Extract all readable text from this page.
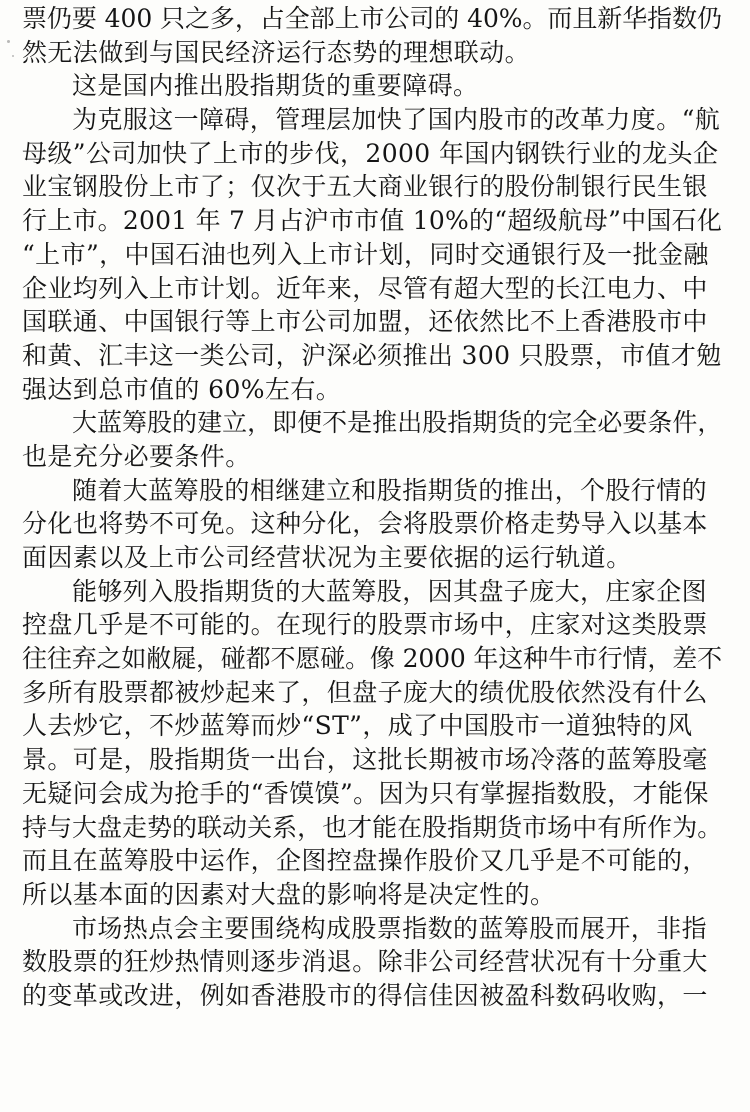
票仍要 400 只之多，占全部上市公司的 40%。而且新华指数仍
然无法做到与国民经济运行态势的理想联动。
这是国内推出股指期货的重要障碍。
为克服这一障碍，管理层加快了国内股市的改革力度。“航
母级”公司加快了上市的步伐，2000 年国内钢铁行业的龙头企
业宝钢股份上市了；仅次于五大商业银行的股份制银行民生银
行上市。2001 年 7 月占沪市市值 10%的“超级航母”中国石化
“上市”，中国石油也列入上市计划，同时交通银行及一批金融
企业均列入上市计划。近年来，尽管有超大型的长江电力、中
国联通、中国银行等上市公司加盟，还依然比不上香港股市中
和黄、汇丰这一类公司，沪深必须推出 300 只股票，市值才勉
强达到总市值的 60%左右。
大蓝筹股的建立，即便不是推出股指期货的完全必要条件，
也是充分必要条件。
随着大蓝筹股的相继建立和股指期货的推出，个股行情的
分化也将势不可免。这种分化，会将股票价格走势导入以基本
面因素以及上市公司经营状况为主要依据的运行轨道。
能够列入股指期货的大蓝筹股，因其盘子庞大，庄家企图
控盘几乎是不可能的。在现行的股票市场中，庄家对这类股票
往往弃之如敝屣，碰都不愿碰。像 2000 年这种牛市行情，差不
多所有股票都被炒起来了，但盘子庞大的绩优股依然没有什么
人去炒它，不炒蓝筹而炒“ST”，成了中国股市一道独特的风
景。可是，股指期货一出台，这批长期被市场冷落的蓝筹股毫
无疑问会成为抢手的“香馍馍”。因为只有掌握指数股，才能保
持与大盘走势的联动关系，也才能在股指期货市场中有所作为。
而且在蓝筹股中运作，企图控盘操作股价又几乎是不可能的，
所以基本面的因素对大盘的影响将是决定性的。
市场热点会主要围绕构成股票指数的蓝筹股而展开，非指
数股票的狂炒热情则逐步消退。除非公司经营状况有十分重大
的变革或改进，例如香港股市的得信佳因被盈科数码收购，一
